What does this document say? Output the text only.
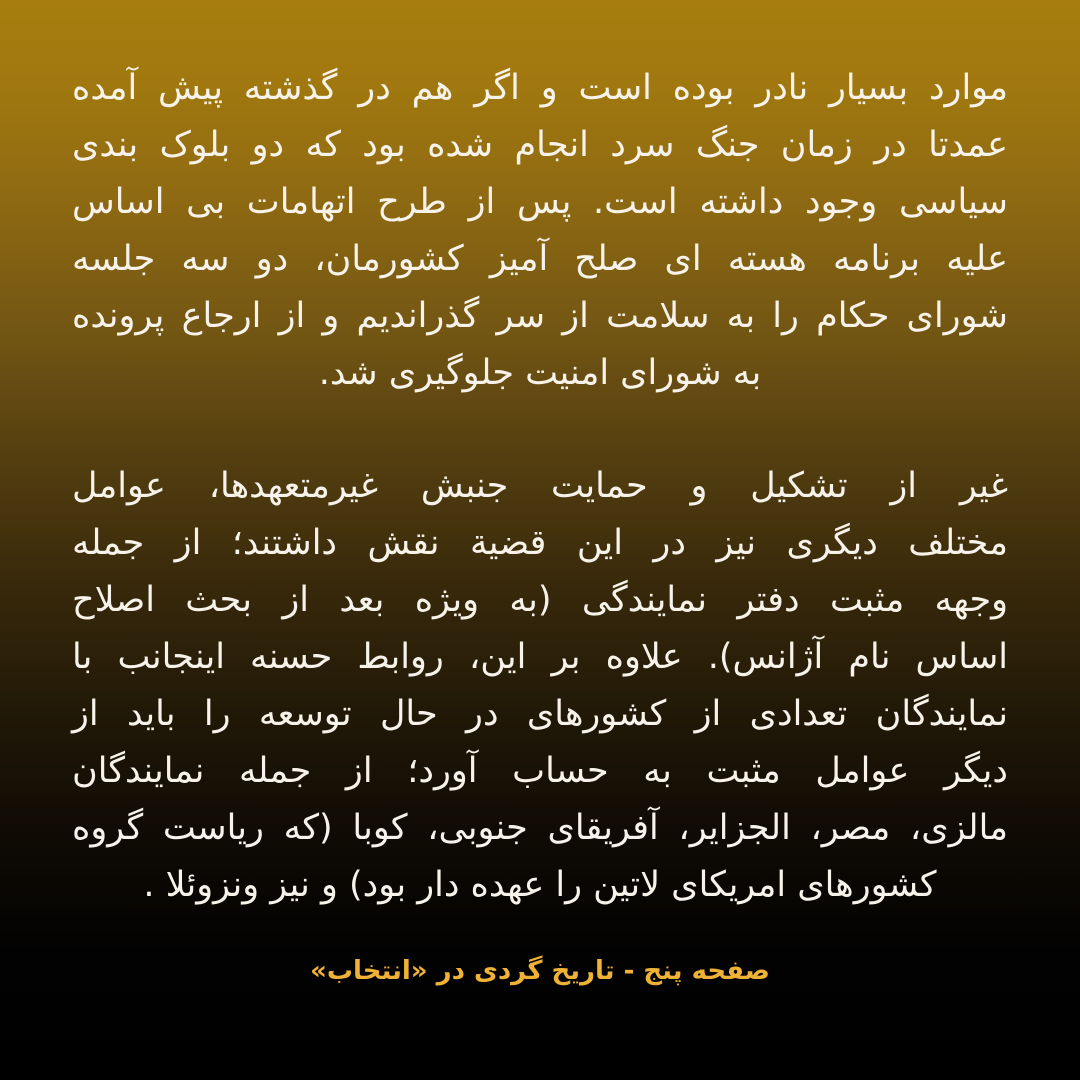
موارد بسیار نادر بوده است و اگر هم در گذشته پیش آمده
عمدتا در زمان جنگ سرد انجام شده بود که دو بلوک بندی
سیاسی وجود داشته است. پس از طرح اتهامات بی اساس
علیه برنامه هسته ای صلح آمیز کشورمان، دو سه جلسه
شورای حکام را به سلامت از سر گذراندیم و از ارجاع پرونده
به شورای امنیت جلوگیری شد.
غیر از تشکیل و حمایت جنبش غیرمتعهدها، عوامل
مختلف دیگری نیز در این قضیة نقش داشتند؛ از جمله
وجهه مثبت دفتر نمایندگی (به ویژه بعد از بحث اصلاح
اساس نام آژانس). علاوه بر این، روابط حسنه اینجانب با
نمایندگان تعدادی از کشورهای در حال توسعه را باید از
دیگر عوامل مثبت به حساب آورد؛ از جمله نمایندگان
مالزی، مصر، الجزایر، آفریقای جنوبی، کوبا (که ریاست گروه
کشورهای امریکای لاتین را عهده دار بود) و نیز ونزوئلا .
صفحه پنج - تاریخ گردی در «انتخاب»
